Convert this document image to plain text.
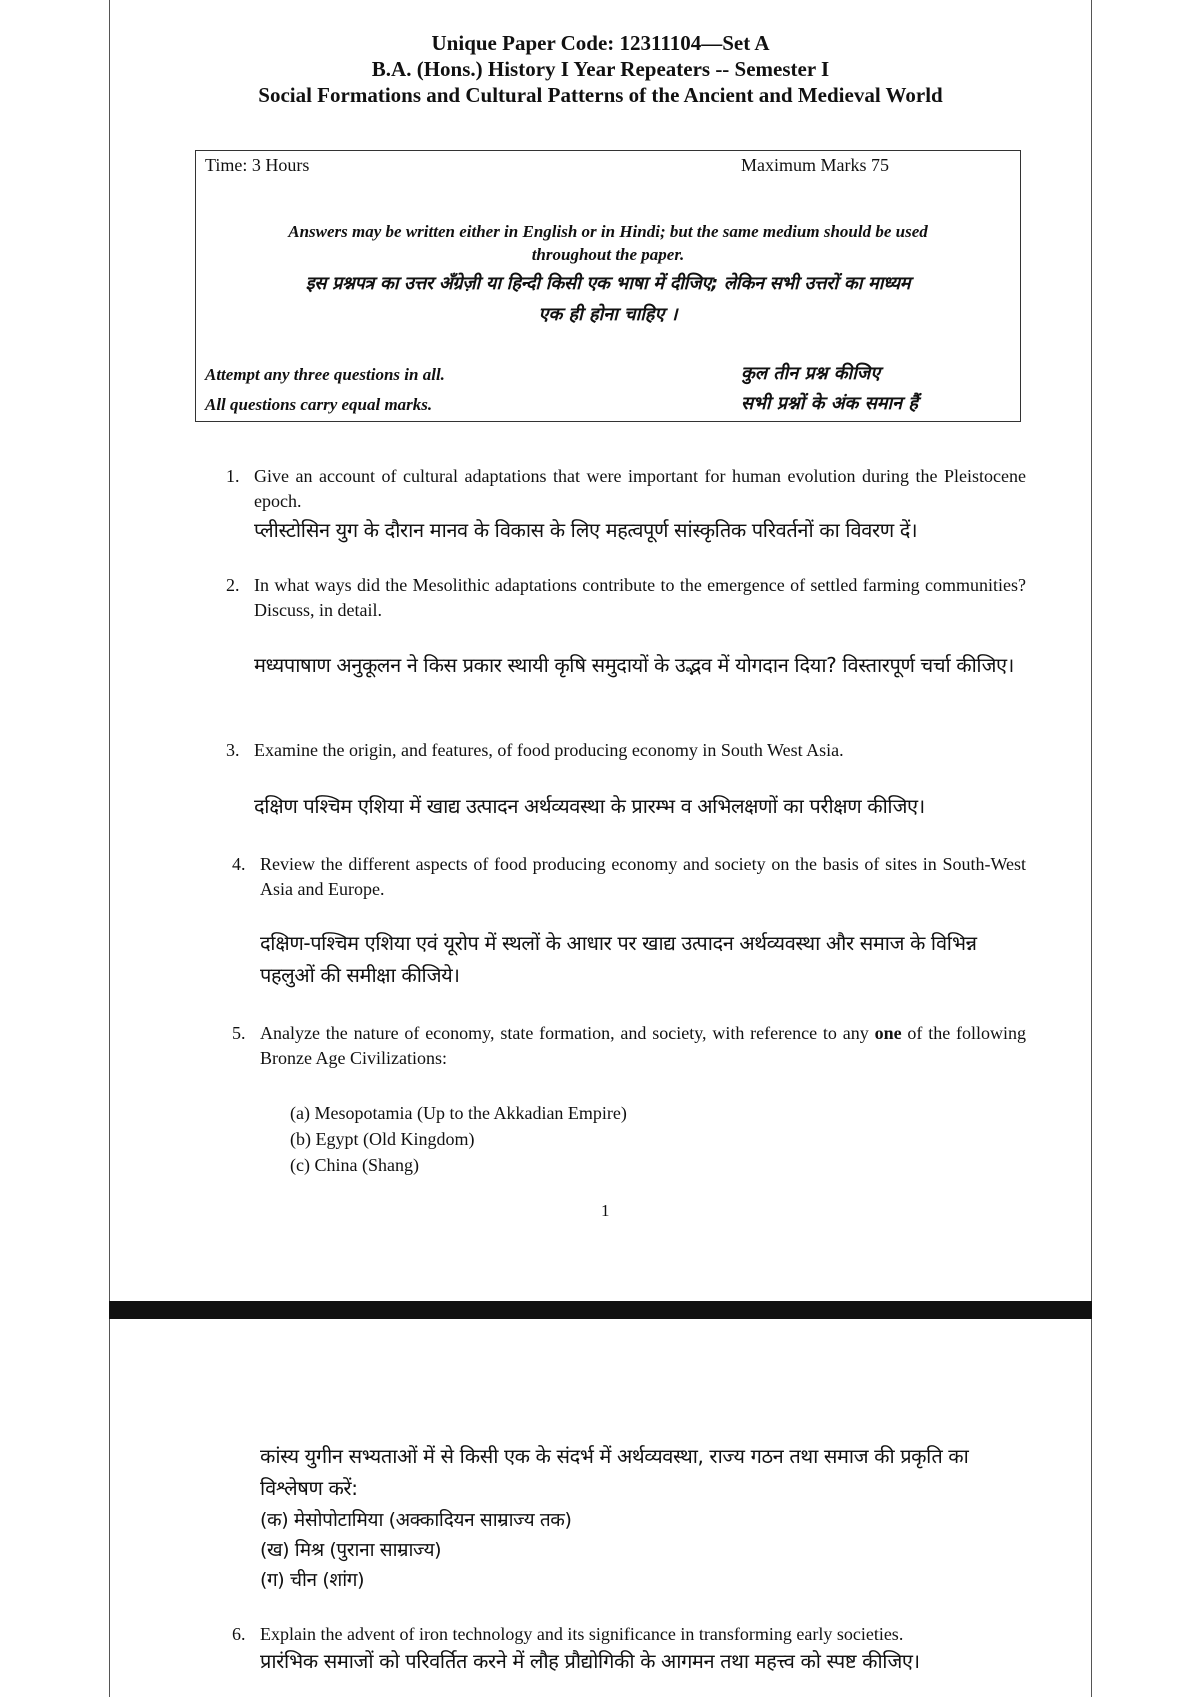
Unique Paper Code: 12311104—Set A
B.A. (Hons.) History I Year Repeaters -- Semester I
Social Formations and Cultural Patterns of the Ancient and Medieval World
Time: 3 Hours	Maximum Marks 75
Answers may be written either in English or in Hindi; but the same medium should be used
throughout the paper.
इस प्रश्नपत्र का उत्तर अँग्रेज़ी या हिन्दी किसी एक भाषा में दीजिए; लेकिन सभी उत्तरों का माध्यम
एक ही होना चाहिए ।
Attempt any three questions in all.	कुल तीन प्रश्न कीजिए
All questions carry equal marks.	सभी प्रश्नों के अंक समान हैं
1. Give an account of cultural adaptations that were important for human evolution during the Pleistocene epoch.
प्लीस्टोसिन युग के दौरान मानव के विकास के लिए महत्वपूर्ण सांस्कृतिक परिवर्तनों का विवरण दें।
2. In what ways did the Mesolithic adaptations contribute to the emergence of settled farming communities? Discuss, in detail.
मध्यपाषाण अनुकूलन ने किस प्रकार स्थायी कृषि समुदायों के उद्भव में योगदान दिया? विस्तारपूर्ण चर्चा कीजिए।
3. Examine the origin, and features, of food producing economy in South West Asia.
दक्षिण पश्चिम एशिया में खाद्य उत्पादन अर्थव्यवस्था के प्रारम्भ व अभिलक्षणों का परीक्षण कीजिए।
4. Review the different aspects of food producing economy and society on the basis of sites in South-West Asia and Europe.
दक्षिण-पश्चिम एशिया एवं यूरोप में स्थलों के आधार पर खाद्य उत्पादन अर्थव्यवस्था और समाज के विभिन्न पहलुओं की समीक्षा कीजिये।
5. Analyze the nature of economy, state formation, and society, with reference to any one of the following Bronze Age Civilizations:
(a) Mesopotamia (Up to the Akkadian Empire)
(b) Egypt (Old Kingdom)
(c) China (Shang)
1
कांस्य युगीन सभ्यताओं में से किसी एक के संदर्भ में अर्थव्यवस्था, राज्य गठन तथा समाज की प्रकृति का विश्लेषण करें:
(क) मेसोपोटामिया (अक्कादियन साम्राज्य तक)
(ख) मिश्र (पुराना साम्राज्य)
(ग) चीन (शांग)
6. Explain the advent of iron technology and its significance in transforming early societies.
प्रारंभिक समाजों को परिवर्तित करने में लौह प्रौद्योगिकी के आगमन तथा महत्त्व को स्पष्ट कीजिए।
